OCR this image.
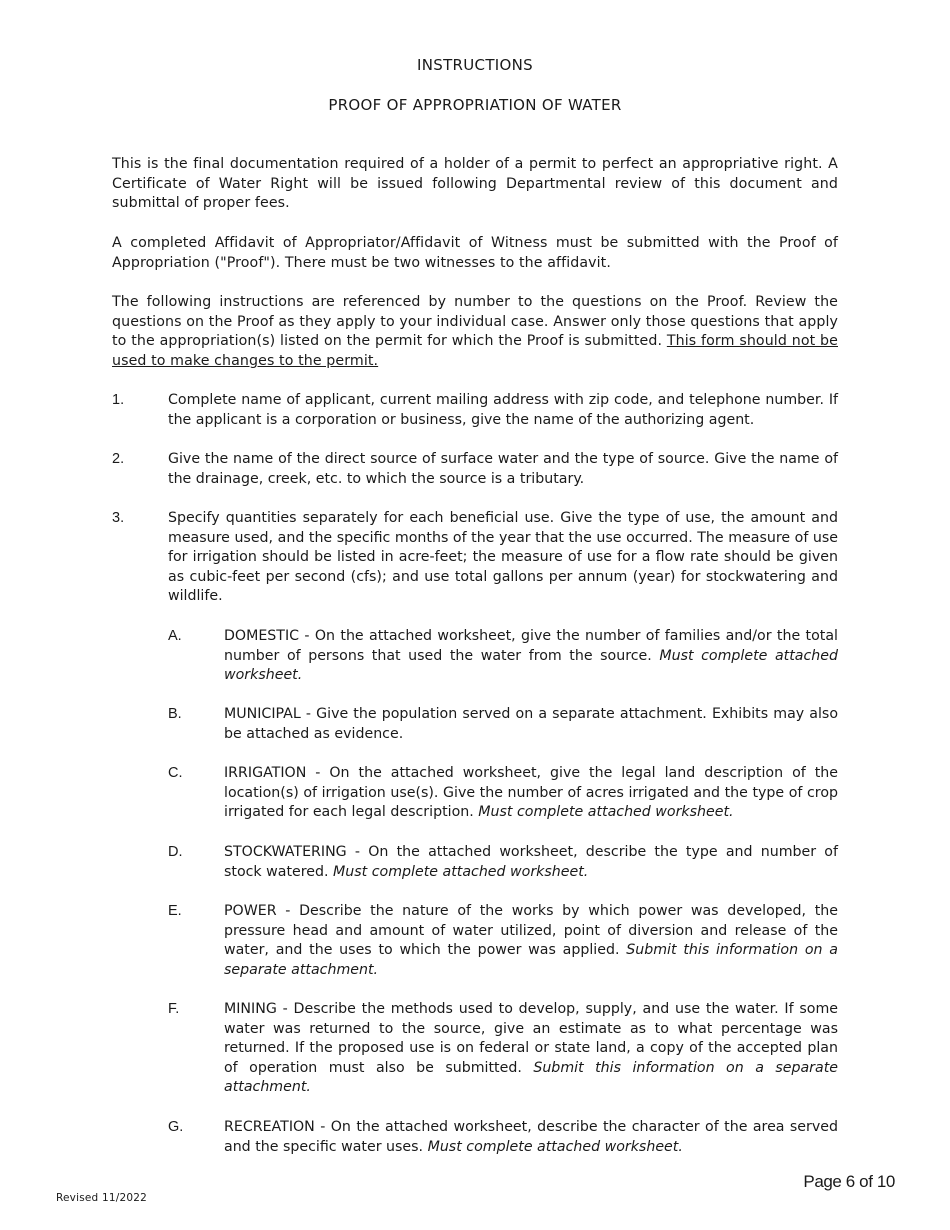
INSTRUCTIONS
PROOF OF APPROPRIATION OF WATER
This is the final documentation required of a holder of a permit to perfect an appropriative right. A Certificate of Water Right will be issued following Departmental review of this document and submittal of proper fees.
A completed Affidavit of Appropriator/Affidavit of Witness must be submitted with the Proof of Appropriation ("Proof"). There must be two witnesses to the affidavit.
The following instructions are referenced by number to the questions on the Proof. Review the questions on the Proof as they apply to your individual case. Answer only those questions that apply to the appropriation(s) listed on the permit for which the Proof is submitted. This form should not be used to make changes to the permit.
1.	Complete name of applicant, current mailing address with zip code, and telephone number. If the applicant is a corporation or business, give the name of the authorizing agent.
2.	Give the name of the direct source of surface water and the type of source. Give the name of the drainage, creek, etc. to which the source is a tributary.
3.	Specify quantities separately for each beneficial use. Give the type of use, the amount and measure used, and the specific months of the year that the use occurred. The measure of use for irrigation should be listed in acre-feet; the measure of use for a flow rate should be given as cubic-feet per second (cfs); and use total gallons per annum (year) for stockwatering and wildlife.
A.	DOMESTIC - On the attached worksheet, give the number of families and/or the total number of persons that used the water from the source. Must complete attached worksheet.
B.	MUNICIPAL - Give the population served on a separate attachment. Exhibits may also be attached as evidence.
C.	IRRIGATION - On the attached worksheet, give the legal land description of the location(s) of irrigation use(s). Give the number of acres irrigated and the type of crop irrigated for each legal description. Must complete attached worksheet.
D.	STOCKWATERING - On the attached worksheet, describe the type and number of stock watered. Must complete attached worksheet.
E.	POWER - Describe the nature of the works by which power was developed, the pressure head and amount of water utilized, point of diversion and release of the water, and the uses to which the power was applied. Submit this information on a separate attachment.
F.	MINING - Describe the methods used to develop, supply, and use the water. If some water was returned to the source, give an estimate as to what percentage was returned. If the proposed use is on federal or state land, a copy of the accepted plan of operation must also be submitted. Submit this information on a separate attachment.
G.	RECREATION - On the attached worksheet, describe the character of the area served and the specific water uses. Must complete attached worksheet.
Page 6 of 10
Revised 11/2022
